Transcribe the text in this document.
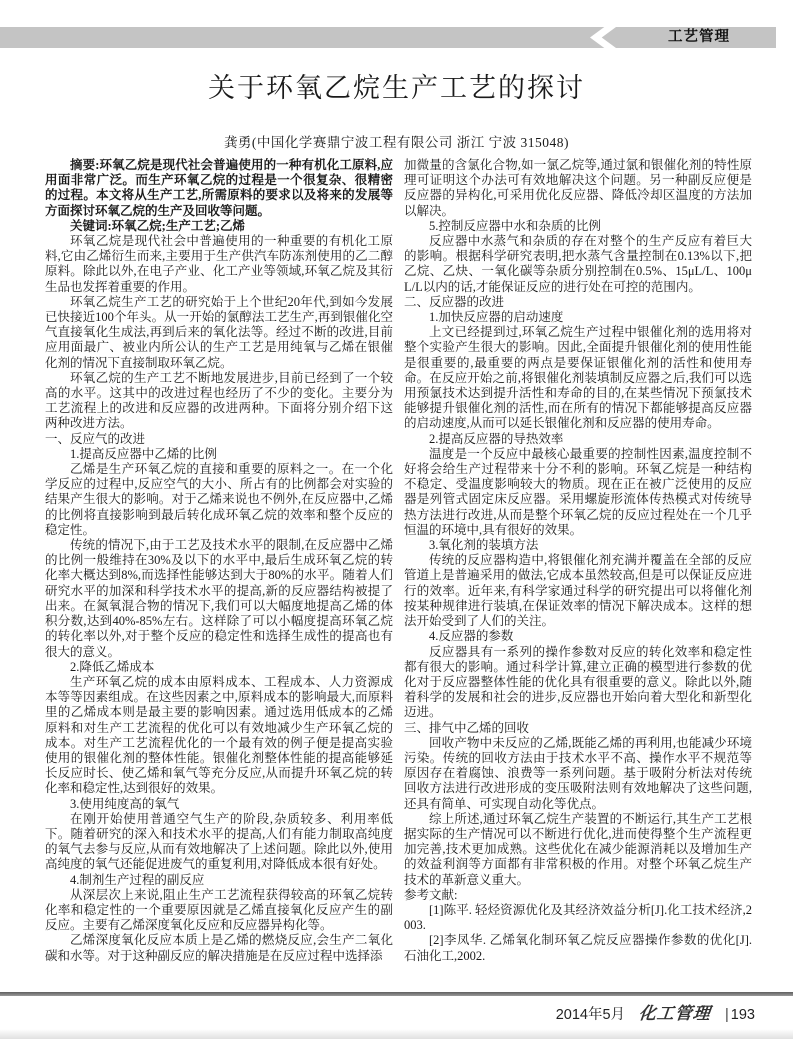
工艺管理
关于环氧乙烷生产工艺的探讨
龚勇(中国化学赛鼎宁波工程有限公司 浙江 宁波 315048)

摘要:环氧乙烷是现代社会普遍使用的一种有机化工原料,应用面非常广泛。而生产环氧乙烷的过程是一个很复杂、很精密的过程。本文将从生产工艺,所需原料的要求以及将来的发展等方面探讨环氧乙烷的生产及回收等问题。

关键词:环氧乙烷;生产工艺;乙烯

环氧乙烷是现代社会中普遍使用的一种重要的有机化工原料,它由乙烯衍生而来,主要用于生产供汽车防冻剂使用的乙二醇原料。除此以外,在电子产业、化工产业等领域,环氧乙烷及其衍生品也发挥着重要的作用。

环氧乙烷生产工艺的研究始于上个世纪20年代,到如今发展已快接近100个年头。从一开始的氯醇法工艺生产,再到银催化空气直接氧化生成法,再到后来的氧化法等。经过不断的改进,目前应用面最广、被业内所公认的生产工艺是用纯氧与乙烯在银催化剂的情况下直接制取环氧乙烷。

环氧乙烷的生产工艺不断地发展进步,目前已经到了一个较高的水平。这其中的改进过程也经历了不少的变化。主要分为工艺流程上的改进和反应器的改进两种。下面将分别介绍下这两种改进方法。

一、反应气的改进

1.提高反应器中乙烯的比例

乙烯是生产环氧乙烷的直接和重要的原料之一。在一个化学反应的过程中,反应空气的大小、所占有的比例都会对实验的结果产生很大的影响。对于乙烯来说也不例外,在反应器中,乙烯的比例将直接影响到最后转化成环氧乙烷的效率和整个反应的稳定性。

传统的情况下,由于工艺及技术水平的限制,在反应器中乙烯的比例一般维持在30%及以下的水平中,最后生成环氧乙烷的转化率大概达到8%,而选择性能够达到大于80%的水平。随着人们研究水平的加深和科学技术水平的提高,新的反应器结构被提了出来。在氮氧混合物的情况下,我们可以大幅度地提高乙烯的体积分数,达到40%-85%左右。这样除了可以小幅度提高环氧乙烷的转化率以外,对于整个反应的稳定性和选择生成性的提高也有很大的意义。

2.降低乙烯成本

生产环氧乙烷的成本由原料成本、工程成本、人力资源成本等等因素组成。在这些因素之中,原料成本的影响最大,而原料里的乙烯成本则是最主要的影响因素。通过选用低成本的乙烯原料和对生产工艺流程的优化可以有效地减少生产环氧乙烷的成本。对生产工艺流程优化的一个最有效的例子便是提高实验使用的银催化剂的整体性能。银催化剂整体性能的提高能够延长反应时长、使乙烯和氧气等充分反应,从而提升环氧乙烷的转化率和稳定性,达到很好的效果。

3.使用纯度高的氧气

在刚开始使用普通空气生产的阶段,杂质较多、利用率低下。随着研究的深入和技术水平的提高,人们有能力制取高纯度的氧气去参与反应,从而有效地解决了上述问题。除此以外,使用高纯度的氧气还能促进废气的重复利用,对降低成本很有好处。

4.制剂生产过程的副反应

从深层次上来说,阻止生产工艺流程获得较高的环氧乙烷转化率和稳定性的一个重要原因就是乙烯直接氧化反应产生的副反应。主要有乙烯深度氧化反应和反应器异构化等。

乙烯深度氧化反应本质上是乙烯的燃烧反应,会生产二氧化碳和水等。对于这种副反应的解决措施是在反应过程中选择添

加微量的含氯化合物,如一氯乙烷等,通过氯和银催化剂的特性原理可证明这个办法可有效地解决这个问题。另一种副反应便是反应器的异构化,可采用优化反应器、降低冷却区温度的方法加以解决。

5.控制反应器中水和杂质的比例

反应器中水蒸气和杂质的存在对整个的生产反应有着巨大的影响。根据科学研究表明,把水蒸气含量控制在0.13%以下,把乙烷、乙炔、一氧化碳等杂质分别控制在0.5%、15μL/L、100μL/L以内的话,才能保证反应的进行处在可控的范围内。

二、反应器的改进

1.加快反应器的启动速度

上文已经提到过,环氧乙烷生产过程中银催化剂的选用将对整个实验产生很大的影响。因此,全面提升银催化剂的使用性能是很重要的,最重要的两点是要保证银催化剂的活性和使用寿命。在反应开始之前,将银催化剂装填制反应器之后,我们可以选用预氯技术达到提升活性和寿命的目的,在某些情况下预氯技术能够提升银催化剂的活性,而在所有的情况下都能够提高反应器的启动速度,从而可以延长银催化剂和反应器的使用寿命。

2.提高反应器的导热效率

温度是一个反应中最核心最重要的控制性因素,温度控制不好将会给生产过程带来十分不利的影响。环氧乙烷是一种结构不稳定、受温度影响较大的物质。现在正在被广泛使用的反应器是列管式固定床反应器。采用螺旋形流体传热模式对传统导热方法进行改进,从而是整个环氧乙烷的反应过程处在一个几乎恒温的环境中,具有很好的效果。

3.氧化剂的装填方法

传统的反应器构造中,将银催化剂充满并覆盖在全部的反应管道上是普遍采用的做法,它成本虽然较高,但是可以保证反应进行的效率。近年来,有科学家通过科学的研究提出可以将催化剂按某种规律进行装填,在保证效率的情况下解决成本。这样的想法开始受到了人们的关注。

4.反应器的参数

反应器具有一系列的操作参数对反应的转化效率和稳定性都有很大的影响。通过科学计算,建立正确的模型进行参数的优化对于反应器整体性能的优化具有很重要的意义。除此以外,随着科学的发展和社会的进步,反应器也开始向着大型化和新型化迈进。

三、排气中乙烯的回收

回收产物中未反应的乙烯,既能乙烯的再利用,也能减少环境污染。传统的回收方法由于技术水平不高、操作水平不规范等原因存在着腐蚀、浪费等一系列问题。基于吸附分析法对传统回收方法进行改进形成的变压吸附法则有效地解决了这些问题,还具有简单、可实现自动化等优点。

综上所述,通过环氧乙烷生产装置的不断运行,其生产工艺根据实际的生产情况可以不断进行优化,进而使得整个生产流程更加完善,技术更加成熟。这些优化在减少能源消耗以及增加生产的效益利润等方面都有非常积极的作用。对整个环氧乙烷生产技术的革新意义重大。

参考文献:

[1]陈平. 轻烃资源优化及其经济效益分析[J].化工技术经济,2003.

[2]李凤华. 乙烯氧化制环氧乙烷反应器操作参数的优化[J].石油化工,2002.

2014年5月 化工管理 | 193
